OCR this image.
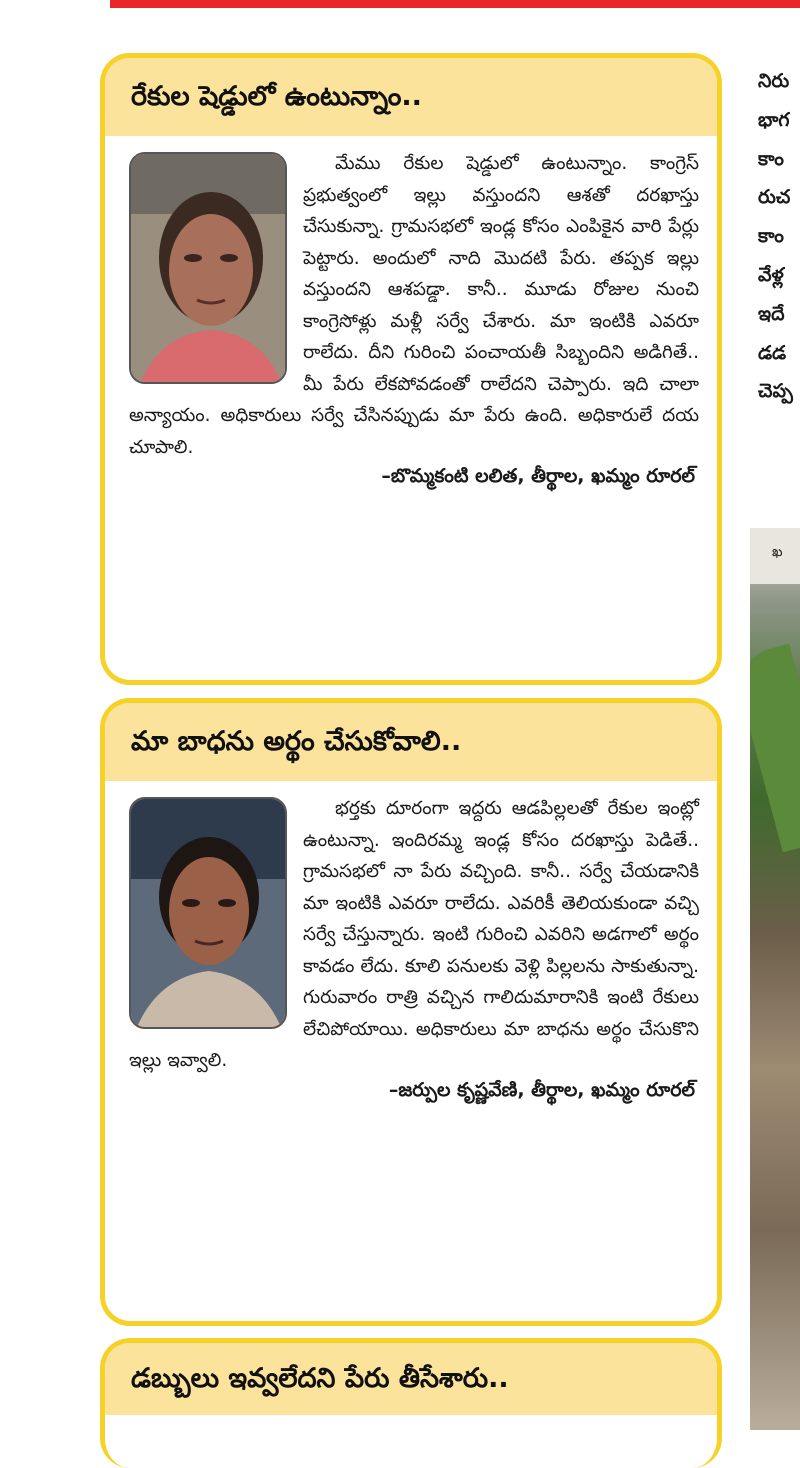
రేకుల షెడ్డులో ఉంటున్నాం..

మేము రేకుల షెడ్డులో ఉంటున్నాం. కాంగ్రెస్ ప్రభుత్వంలో ఇల్లు వస్తుందని ఆశతో దరఖాస్తు చేసుకున్నా. గ్రామసభలో ఇండ్ల కోసం ఎంపికైన వారి పేర్లు పెట్టారు. అందులో నాది మొదటి పేరు. తప్పక ఇల్లు వస్తుందని ఆశపడ్డా. కానీ.. మూడు రోజుల నుంచి కాంగ్రెసోళ్లు మళ్లీ సర్వే చేశారు. మా ఇంటికి ఎవరూ రాలేదు. దీని గురించి పంచాయతీ సిబ్బందిని అడిగితే.. మీ పేరు లేకపోవడంతో రాలేదని చెప్పారు. ఇది చాలా అన్యాయం. అధికారులు సర్వే చేసినప్పుడు మా పేరు ఉంది. అధికారులే దయ చూపాలి.

–బొమ్మకంటి లలిత, తీర్థాల, ఖమ్మం రూరల్
మా బాధను అర్థం చేసుకోవాలి..

భర్తకు దూరంగా ఇద్దరు ఆడపిల్లలతో రేకుల ఇంట్లో ఉంటున్నా. ఇందిరమ్మ ఇండ్ల కోసం దరఖాస్తు పెడితే.. గ్రామసభలో నా పేరు వచ్చింది. కానీ.. సర్వే చేయడానికి మా ఇంటికి ఎవరూ రాలేదు. ఎవరికీ తెలియకుండా వచ్చి సర్వే చేస్తున్నారు. ఇంటి గురించి ఎవరిని అడగాలో అర్థం కావడం లేదు. కూలి పనులకు వెళ్లి పిల్లలను సాకుతున్నా. గురువారం రాత్రి వచ్చిన గాలిదుమారానికి ఇంటి రేకులు లేచిపోయాయి. అధికారులు మా బాధను అర్థం చేసుకొని ఇల్లు ఇవ్వాలి.

–జర్పుల కృష్ణవేణి, తీర్థాల, ఖమ్మం రూరల్
డబ్బులు ఇవ్వలేదని పేరు తీసేశారు..
నిరు
భాగ
కాం
రుచ
కాం
వేళ్ల
ఇదే
డడ
చెప్ప
ఖ
